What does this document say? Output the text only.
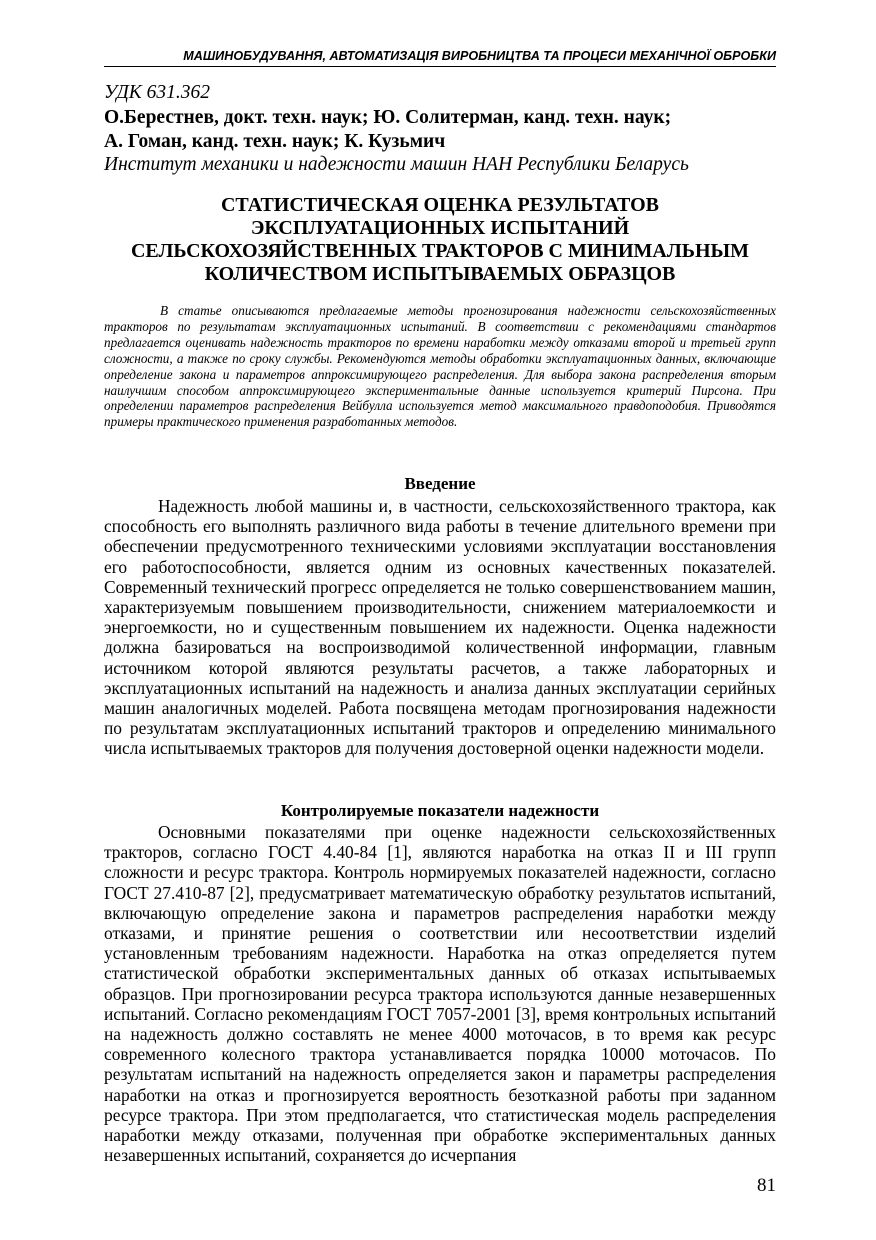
МАШИНОБУДУВАННЯ, АВТОМАТИЗАЦІЯ ВИРОБНИЦТВА ТА ПРОЦЕСИ МЕХАНІЧНОЇ ОБРОБКИ
УДК 631.362
О.Берестнев, докт. техн. наук; Ю. Солитерман, канд. техн. наук;
А. Гоман, канд. техн. наук; К. Кузьмич
Институт механики и надежности машин НАН Республики Беларусь
СТАТИСТИЧЕСКАЯ ОЦЕНКА РЕЗУЛЬТАТОВ
ЭКСПЛУАТАЦИОННЫХ ИСПЫТАНИЙ
СЕЛЬСКОХОЗЯЙСТВЕННЫХ ТРАКТОРОВ С МИНИМАЛЬНЫМ
КОЛИЧЕСТВОМ ИСПЫТЫВАЕМЫХ ОБРАЗЦОВ

В статье описываются предлагаемые методы прогнозирования надежности сельскохозяйственных тракторов по результатам эксплуатационных испытаний. В соответствии с рекомендациями стандартов предлагается оценивать надежность тракторов по времени наработки между отказами второй и третьей групп сложности, а также по сроку службы. Рекомендуются методы обработки эксплуатационных данных, включающие определение закона и параметров аппроксимирующего распределения. Для выбора закона распределения вторым наилучшим способом аппроксимирующего экспериментальные данные используется критерий Пирсона. При определении параметров распределения Вейбулла используется метод максимального правдоподобия. Приводятся примеры практического применения разработанных методов.

Введение

Надежность любой машины и, в частности, сельскохозяйственного трактора, как способность его выполнять различного вида работы в течение длительного времени при обеспечении предусмотренного техническими условиями эксплуатации восстановления его работоспособности, является одним из основных качественных показателей. Современный технический прогресс определяется не только совершенствованием машин, характеризуемым повышением производительности, снижением материалоемкости и энергоемкости, но и существенным повышением их надежности. Оценка надежности должна базироваться на воспроизводимой количественной информации, главным источником которой являются результаты расчетов, а также лабораторных и эксплуатационных испытаний на надежность и анализа данных эксплуатации серийных машин аналогичных моделей. Работа посвящена методам прогнозирования надежности по результатам эксплуатационных испытаний тракторов и определению минимального числа испытываемых тракторов для получения достоверной оценки надежности модели.

Контролируемые показатели надежности

Основными показателями при оценке надежности сельскохозяйственных тракторов, согласно ГОСТ 4.40-84 [1], являются наработка на отказ II и III групп сложности и ресурс трактора. Контроль нормируемых показателей надежности, согласно ГОСТ 27.410-87 [2], предусматривает математическую обработку результатов испытаний, включающую определение закона и параметров распределения наработки между отказами, и принятие решения о соответствии или несоответствии изделий установленным требованиям надежности. Наработка на отказ определяется путем статистической обработки экспериментальных данных об отказах испытываемых образцов. При прогнозировании ресурса трактора используются данные незавершенных испытаний. Согласно рекомендациям ГОСТ 7057-2001 [3], время контрольных испытаний на надежность должно составлять не менее 4000 моточасов, в то время как ресурс современного колесного трактора устанавливается порядка 10000 моточасов. По результатам испытаний на надежность определяется закон и параметры распределения наработки на отказ и прогнозируется вероятность безотказной работы при заданном ресурсе трактора. При этом предполагается, что статистическая модель распределения наработки между отказами, полученная при обработке экспериментальных данных незавершенных испытаний, сохраняется до исчерпания

81
